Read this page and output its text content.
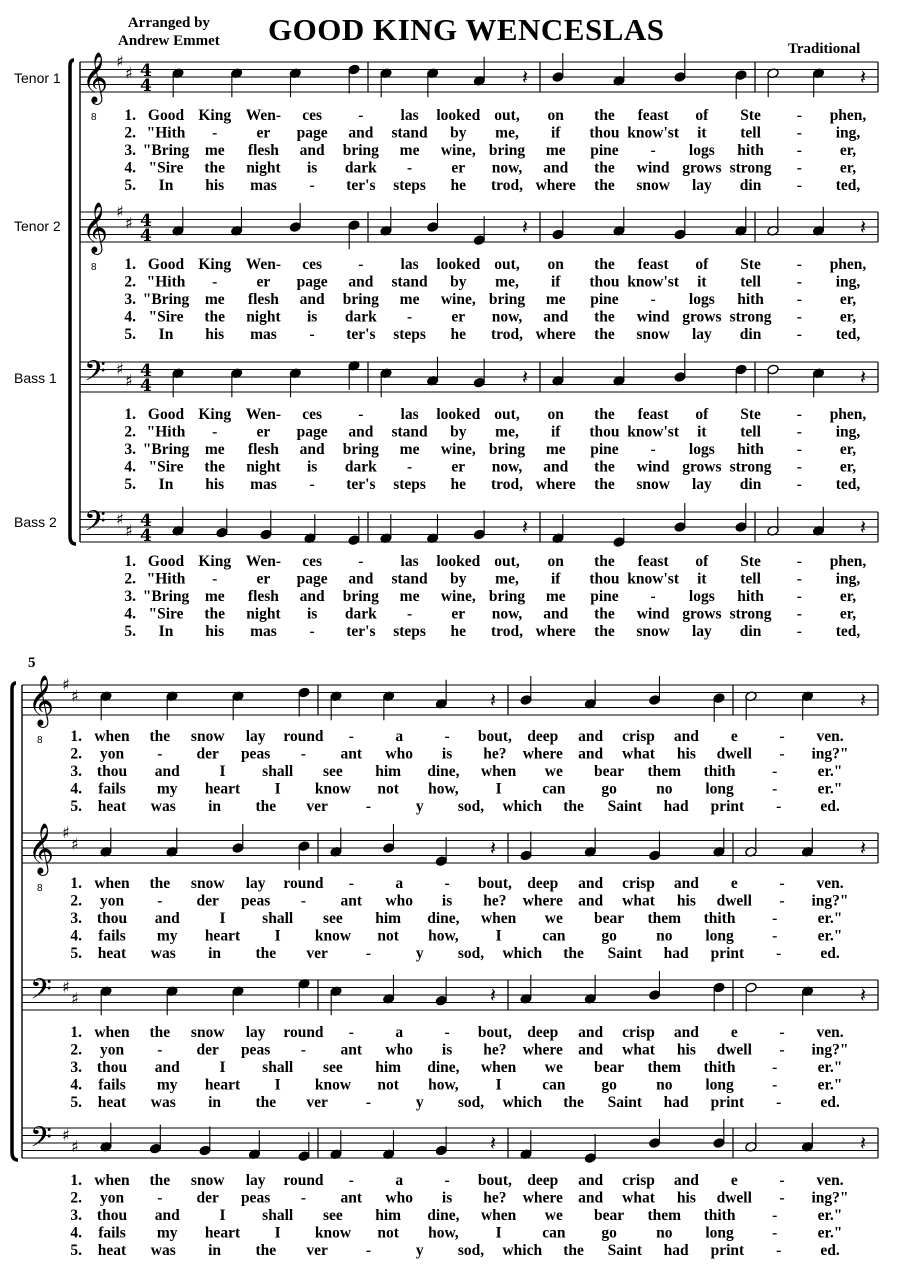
Arranged by
Andrew Emmet GOOD KING WENCESLAS
Traditional
Tenor 1
Tenor 2
Bass 1
Bass 2
5
𝄞
8
♯
♯ 4
4	𝄽	𝄽
𝄞
8
♯
♯ 4
4	𝄽	𝄽
𝄢 ♯
♯ 4
4	𝄽	𝄽
𝄢 ♯
♯ 4
4	𝄽	𝄽
1. Good King Wen- ces - las looked out, on the feast of Ste - phen,
2. "Hith -	er page and stand by me, if thou know'st it tell - ing,
3. "Bring me flesh and bring me wine, bring me pine - logs hith - er,
4. "Sire the night is dark -	er now, and the wind grows strong - er,
5. In his mas - ter's steps he trod, where the snow lay din - ted,
1. Good King Wen- ces - las looked out, on the feast of Ste - phen,
2. "Hith -	er page and stand by me, if thou know'st it tell - ing,
3. "Bring me flesh and bring me wine, bring me pine - logs hith - er,
4. "Sire the night is dark -	er now, and the wind grows strong - er,
5. In his mas - ter's steps he trod, where the snow lay din - ted,
1. Good King Wen- ces - las looked out, on the feast of Ste - phen,
2. "Hith -	er page and stand by me, if thou know'st it tell - ing,
3. "Bring me flesh and bring me wine, bring me pine - logs hith - er,
4. "Sire the night is dark -	er now, and the wind grows strong - er,
5. In his mas - ter's steps he trod, where the snow lay din - ted,
1. Good King Wen- ces - las looked out, on the feast of Ste - phen,
2. "Hith -	er page and stand by me, if thou know'st it tell - ing,
3. "Bring me flesh and bring me wine, bring me pine - logs hith - er,
4. "Sire the night is dark -	er now, and the wind grows strong - er,
5. In his mas - ter's steps he trod, where the snow lay din - ted,
𝄞
8
♯
♯	𝄽	𝄽
𝄞
8
♯
♯	𝄽	𝄽
𝄢 ♯
♯	𝄽	𝄽
𝄢 ♯
♯	𝄽	𝄽
1. when the snow lay round -	a	- bout, deep and crisp and e	- ven.
2. yon - der peas - ant who is he? where and what his dwell - ing?"
3. thou and	I shall see him dine, when we bear them thith -	er."
4. fails my heart I know not how, I	can go	no long -	er."
5. heat was in the ver -	y sod, which the Saint had print -	ed.
1. when the snow lay round -	a	- bout, deep and crisp and e	- ven.
2. yon - der peas - ant who is he? where and what his dwell - ing?"
3. thou and	I shall see him dine, when we bear them thith -	er."
4. fails my heart I know not how, I	can go	no long -	er."
5. heat was in the ver -	y sod, which the Saint had print -	ed.
1. when the snow lay round -	a	- bout, deep and crisp and e	- ven.
2. yon - der peas - ant who is he? where and what his dwell - ing?"
3. thou and	I shall see him dine, when we bear them thith -	er."
4. fails my heart I know not how, I	can go	no long -	er."
5. heat was in the ver -	y sod, which the Saint had print -	ed.
1. when the snow lay round -	a	- bout, deep and crisp and e	- ven.
2. yon - der peas - ant who is he? where and what his dwell - ing?"
3. thou and	I shall see him dine, when we bear them thith -	er."
4. fails my heart I know not how, I	can go	no long -	er."
5. heat was in the ver -	y sod, which the Saint had print -	ed.
